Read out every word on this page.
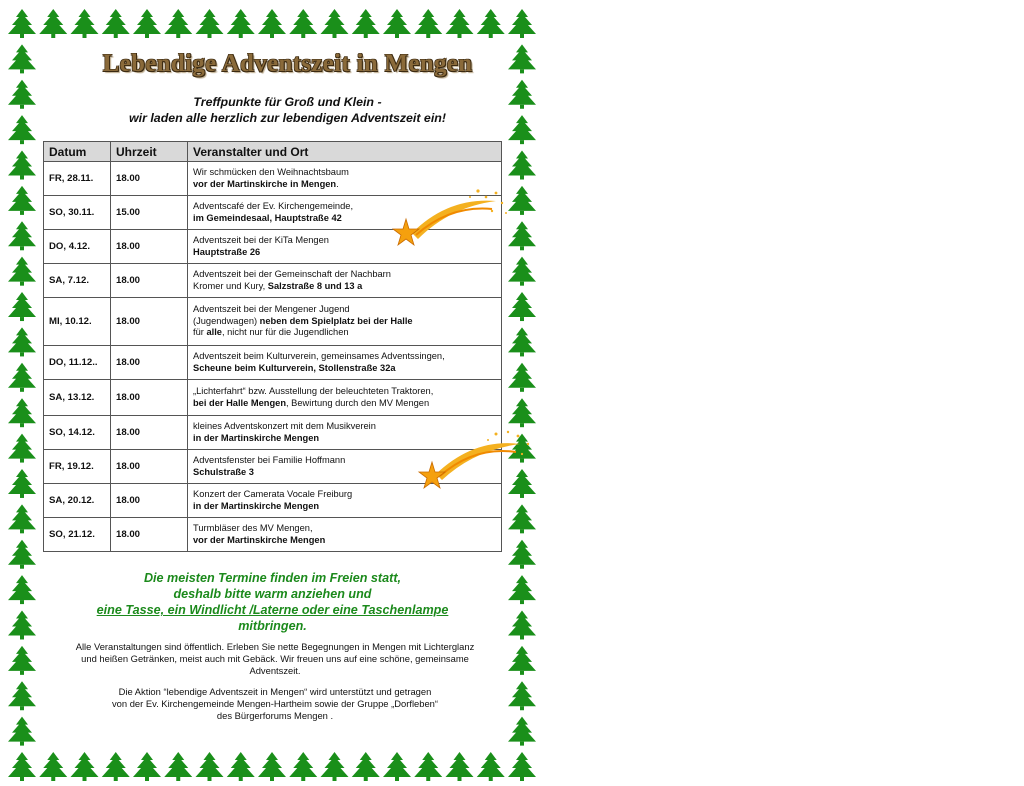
Lebendige Adventszeit in Mengen
Treffpunkte für Groß und Klein -
wir laden alle herzlich zur lebendigen Adventszeit ein!
Datum	Uhrzeit	Veranstalter und Ort
FR, 28.11.	18.00	Wir schmücken den Weihnachtsbaum
vor der Martinskirche in Mengen.

SO, 30.11.	15.00	Adventscafé der Ev. Kirchengemeinde,
im Gemeindesaal, Hauptstraße 42

DO, 4.12.	18.00	Adventszeit bei der KiTa Mengen
Hauptstraße 26

SA, 7.12.	18.00	Adventszeit bei der Gemeinschaft der Nachbarn
Kromer und Kury, Salzstraße 8 und 13 a

MI, 10.12.	18.00	Adventszeit bei der Mengener Jugend
(Jugendwagen) neben dem Spielplatz bei der Halle
für alle, nicht nur für die Jugendlichen

DO, 11.12..	18.00	Adventszeit beim Kulturverein, gemeinsames Adventssingen,
Scheune beim Kulturverein, Stollenstraße 32a

SA, 13.12.	18.00	„Lichterfahrt“ bzw. Ausstellung der beleuchteten Traktoren,
bei der Halle Mengen, Bewirtung durch den MV Mengen

SO, 14.12.	18.00	kleines Adventskonzert mit dem Musikverein
in der Martinskirche Mengen

FR, 19.12.	18.00	Adventsfenster bei Familie Hoffmann
Schulstraße 3

SA, 20.12.	18.00	Konzert der Camerata Vocale Freiburg
in der Martinskirche Mengen

SO, 21.12.	18.00	Turmbläser des MV Mengen,
vor der Martinskirche Mengen
Die meisten Termine finden im Freien statt,
deshalb bitte warm anziehen und
eine Tasse, ein Windlicht /Laterne oder eine Taschenlampe
mitbringen.
Alle Veranstaltungen sind öffentlich. Erleben Sie nette Begegnungen in Mengen mit Lichterglanz
und heißen Getränken, meist auch mit Gebäck. Wir freuen uns auf eine schöne, gemeinsame
Adventszeit.
Die Aktion “lebendige Adventszeit in Mengen“ wird unterstützt und getragen
von der Ev. Kirchengemeinde Mengen-Hartheim sowie der Gruppe „Dorfleben“
des Bürgerforums Mengen .
